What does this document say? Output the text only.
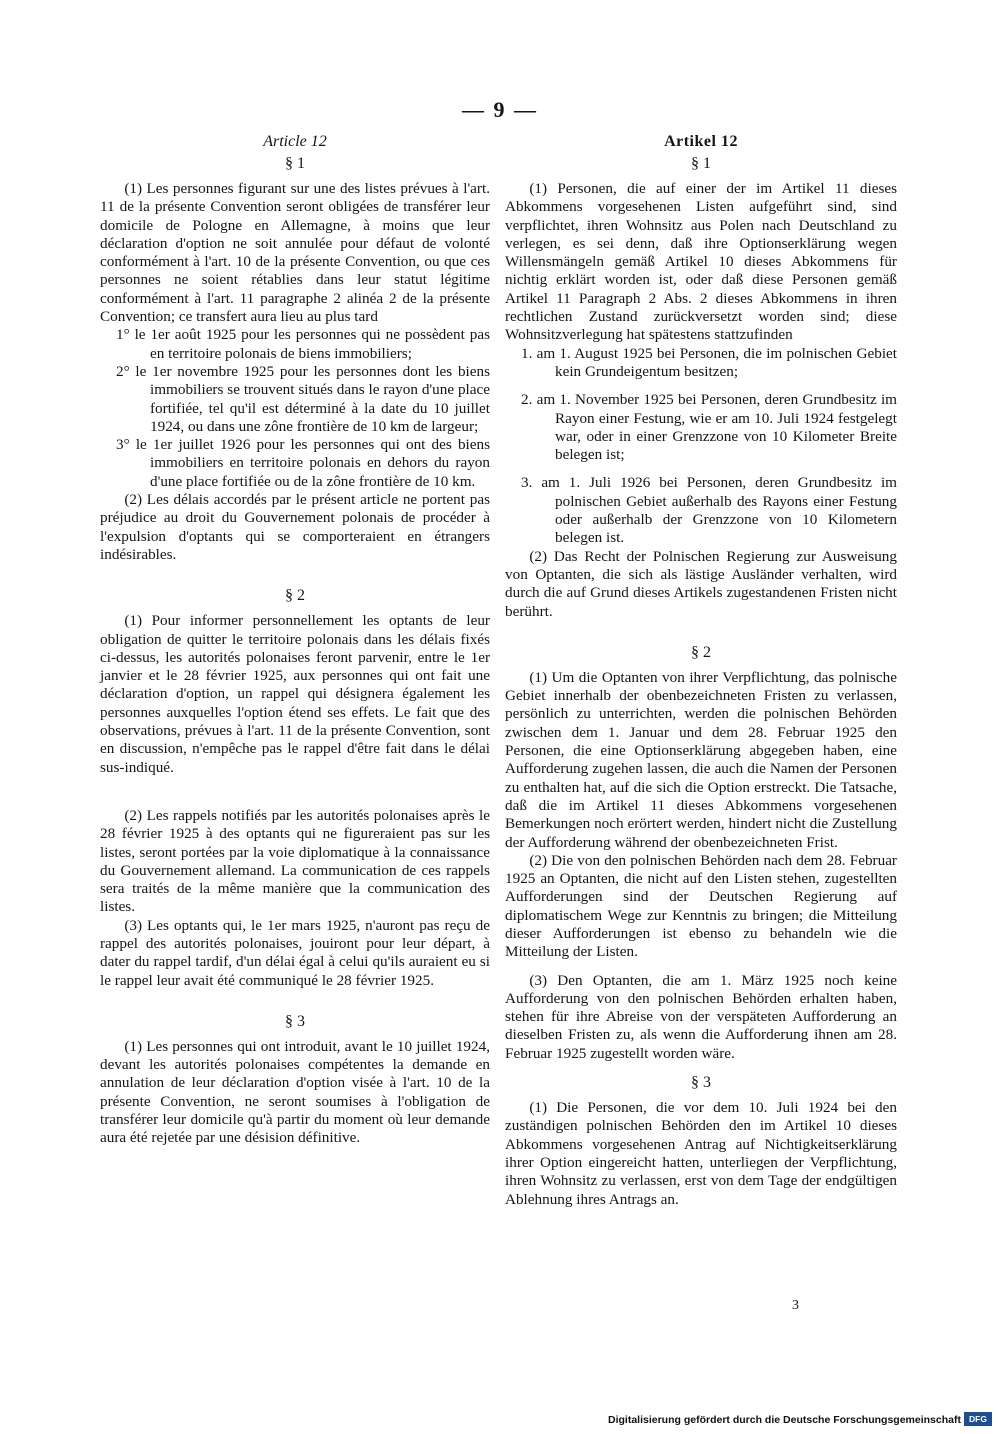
— 9 —
Article 12
§ 1

(1) Les personnes figurant sur une des listes prévues à l'art. 11 de la présente Convention seront obligées de transférer leur domicile de Pologne en Allemagne, à moins que leur déclaration d'option ne soit annulée pour défaut de volonté conformément à l'art. 10 de la présente Convention, ou que ces personnes ne soient rétablies dans leur statut légitime conformément à l'art. 11 paragraphe 2 alinéa 2 de la présente Convention; ce transfert aura lieu au plus tard

1° le 1er août 1925 pour les personnes qui ne possèdent pas en territoire polonais de biens immobiliers;

2° le 1er novembre 1925 pour les personnes dont les biens immobiliers se trouvent situés dans le rayon d'une place fortifiée, tel qu'il est déterminé à la date du 10 juillet 1924, ou dans une zône frontière de 10 km de largeur;

3° le 1er juillet 1926 pour les personnes qui ont des biens immobiliers en territoire polonais en dehors du rayon d'une place fortifiée ou de la zône frontière de 10 km.

(2) Les délais accordés par le présent article ne portent pas préjudice au droit du Gouvernement polonais de procéder à l'expulsion d'optants qui se comporteraient en étrangers indésirables.

§ 2

(1) Pour informer personnellement les optants de leur obligation de quitter le territoire polonais dans les délais fixés ci-dessus, les autorités polonaises feront parvenir, entre le 1er janvier et le 28 février 1925, aux personnes qui ont fait une déclaration d'option, un rappel qui désignera également les personnes auxquelles l'option étend ses effets. Le fait que des observations, prévues à l'art. 11 de la présente Convention, sont en discussion, n'empêche pas le rappel d'être fait dans le délai sus-indiqué.

(2) Les rappels notifiés par les autorités polonaises après le 28 février 1925 à des optants qui ne figureraient pas sur les listes, seront portées par la voie diplomatique à la connaissance du Gouvernement allemand. La communication de ces rappels sera traités de la même manière que la communication des listes.

(3) Les optants qui, le 1er mars 1925, n'auront pas reçu de rappel des autorités polonaises, jouiront pour leur départ, à dater du rappel tardif, d'un délai égal à celui qu'ils auraient eu si le rappel leur avait été communiqué le 28 février 1925.

§ 3

(1) Les personnes qui ont introduit, avant le 10 juillet 1924, devant les autorités polonaises compétentes la demande en annulation de leur déclaration d'option visée à l'art. 10 de la présente Convention, ne seront soumises à l'obligation de transférer leur domicile qu'à partir du moment où leur demande aura été rejetée par une désision définitive.

Artikel 12
§ 1

(1) Personen, die auf einer der im Artikel 11 dieses Abkommens vorgesehenen Listen aufgeführt sind, sind verpflichtet, ihren Wohnsitz aus Polen nach Deutschland zu verlegen, es sei denn, daß ihre Optionserklärung wegen Willensmängeln gemäß Artikel 10 dieses Abkommens für nichtig erklärt worden ist, oder daß diese Personen gemäß Artikel 11 Paragraph 2 Abs. 2 dieses Abkommens in ihren rechtlichen Zustand zurückversetzt worden sind; diese Wohnsitzverlegung hat spätestens stattzufinden

1. am 1. August 1925 bei Personen, die im polnischen Gebiet kein Grundeigentum besitzen;

2. am 1. November 1925 bei Personen, deren Grundbesitz im Rayon einer Festung, wie er am 10. Juli 1924 festgelegt war, oder in einer Grenzzone von 10 Kilometer Breite belegen ist;

3. am 1. Juli 1926 bei Personen, deren Grundbesitz im polnischen Gebiet außerhalb des Rayons einer Festung oder außerhalb der Grenzzone von 10 Kilometern belegen ist.

(2) Das Recht der Polnischen Regierung zur Ausweisung von Optanten, die sich als lästige Ausländer verhalten, wird durch die auf Grund dieses Artikels zugestandenen Fristen nicht berührt.

§ 2

(1) Um die Optanten von ihrer Verpflichtung, das polnische Gebiet innerhalb der obenbezeichneten Fristen zu verlassen, persönlich zu unterrichten, werden die polnischen Behörden zwischen dem 1. Januar und dem 28. Februar 1925 den Personen, die eine Optionserklärung abgegeben haben, eine Aufforderung zugehen lassen, die auch die Namen der Personen zu enthalten hat, auf die sich die Option erstreckt. Die Tatsache, daß die im Artikel 11 dieses Abkommens vorgesehenen Bemerkungen noch erörtert werden, hindert nicht die Zustellung der Aufforderung während der obenbezeichneten Frist.

(2) Die von den polnischen Behörden nach dem 28. Februar 1925 an Optanten, die nicht auf den Listen stehen, zugestellten Aufforderungen sind der Deutschen Regierung auf diplomatischem Wege zur Kenntnis zu bringen; die Mitteilung dieser Aufforderungen ist ebenso zu behandeln wie die Mitteilung der Listen.

(3) Den Optanten, die am 1. März 1925 noch keine Aufforderung von den polnischen Behörden erhalten haben, stehen für ihre Abreise von der verspäteten Aufforderung an dieselben Fristen zu, als wenn die Aufforderung ihnen am 28. Februar 1925 zugestellt worden wäre.

§ 3

(1) Die Personen, die vor dem 10. Juli 1924 bei den zuständigen polnischen Behörden den im Artikel 10 dieses Abkommens vorgesehenen Antrag auf Nichtigkeitserklärung ihrer Option eingereicht hatten, unterliegen der Verpflichtung, ihren Wohnsitz zu verlassen, erst von dem Tage der endgültigen Ablehnung ihres Antrags an.

3
Digitalisierung gefördert durch die Deutsche Forschungsgemeinschaft DFG
